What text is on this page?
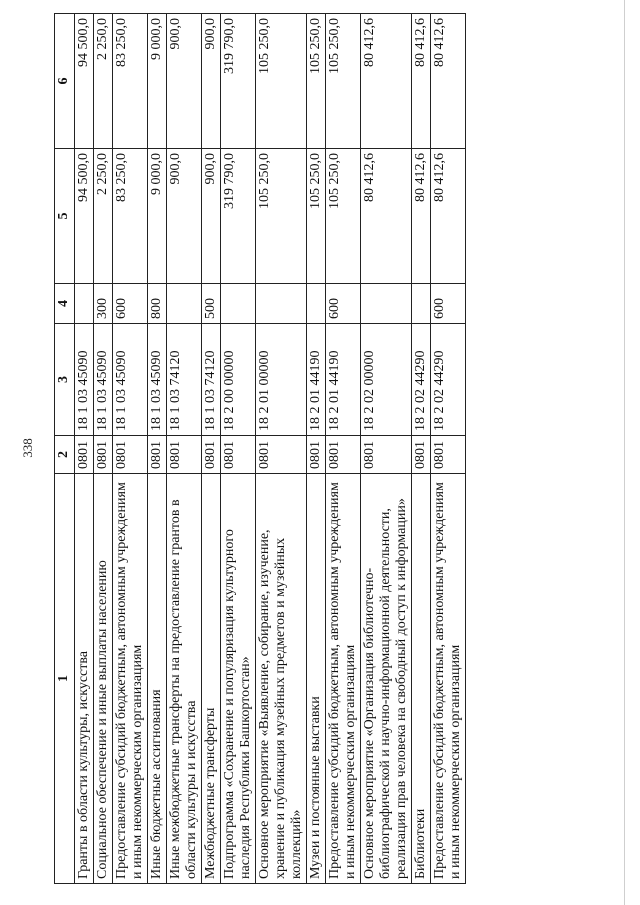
338
1	2	3	4	5	6
Гранты в области культуры, искусства	0801	18 1 03 45090		94 500,0	94 500,0
Социальное обеспечение и иные выплаты населению	0801	18 1 03 45090	300	2 250,0	2 250,0
Предоставление субсидий бюджетным, автономным учреждениям и иным некоммерческим организациям	0801	18 1 03 45090	600	83 250,0	83 250,0
Иные бюджетные ассигнования	0801	18 1 03 45090	800	9 000,0	9 000,0
Иные межбюджетные трансферты на предоставление грантов в области культуры и искусства	0801	18 1 03 74120		900,0	900,0
Межбюджетные трансферты	0801	18 1 03 74120	500	900,0	900,0
Подпрограмма «Сохранение и популяризация культурного наследия Республики Башкортостан»	0801	18 2 00 00000		319 790,0	319 790,0
Основное мероприятие «Выявление, собирание, изучение, хранение и публикация музейных предметов и музейных коллекций»	0801	18 2 01 00000		105 250,0	105 250,0
Музеи и постоянные выставки	0801	18 2 01 44190		105 250,0	105 250,0
Предоставление субсидий бюджетным, автономным учреждениям и иным некоммерческим организациям	0801	18 2 01 44190	600	105 250,0	105 250,0
Основное мероприятие «Организация библиотечно-библиографической и научно-информационной деятельности, реализация прав человека на свободный доступ к информации»	0801	18 2 02 00000		80 412,6	80 412,6
Библиотеки	0801	18 2 02 44290		80 412,6	80 412,6
Предоставление субсидий бюджетным, автономным учреждениям и иным некоммерческим организациям	0801	18 2 02 44290	600	80 412,6	80 412,6
